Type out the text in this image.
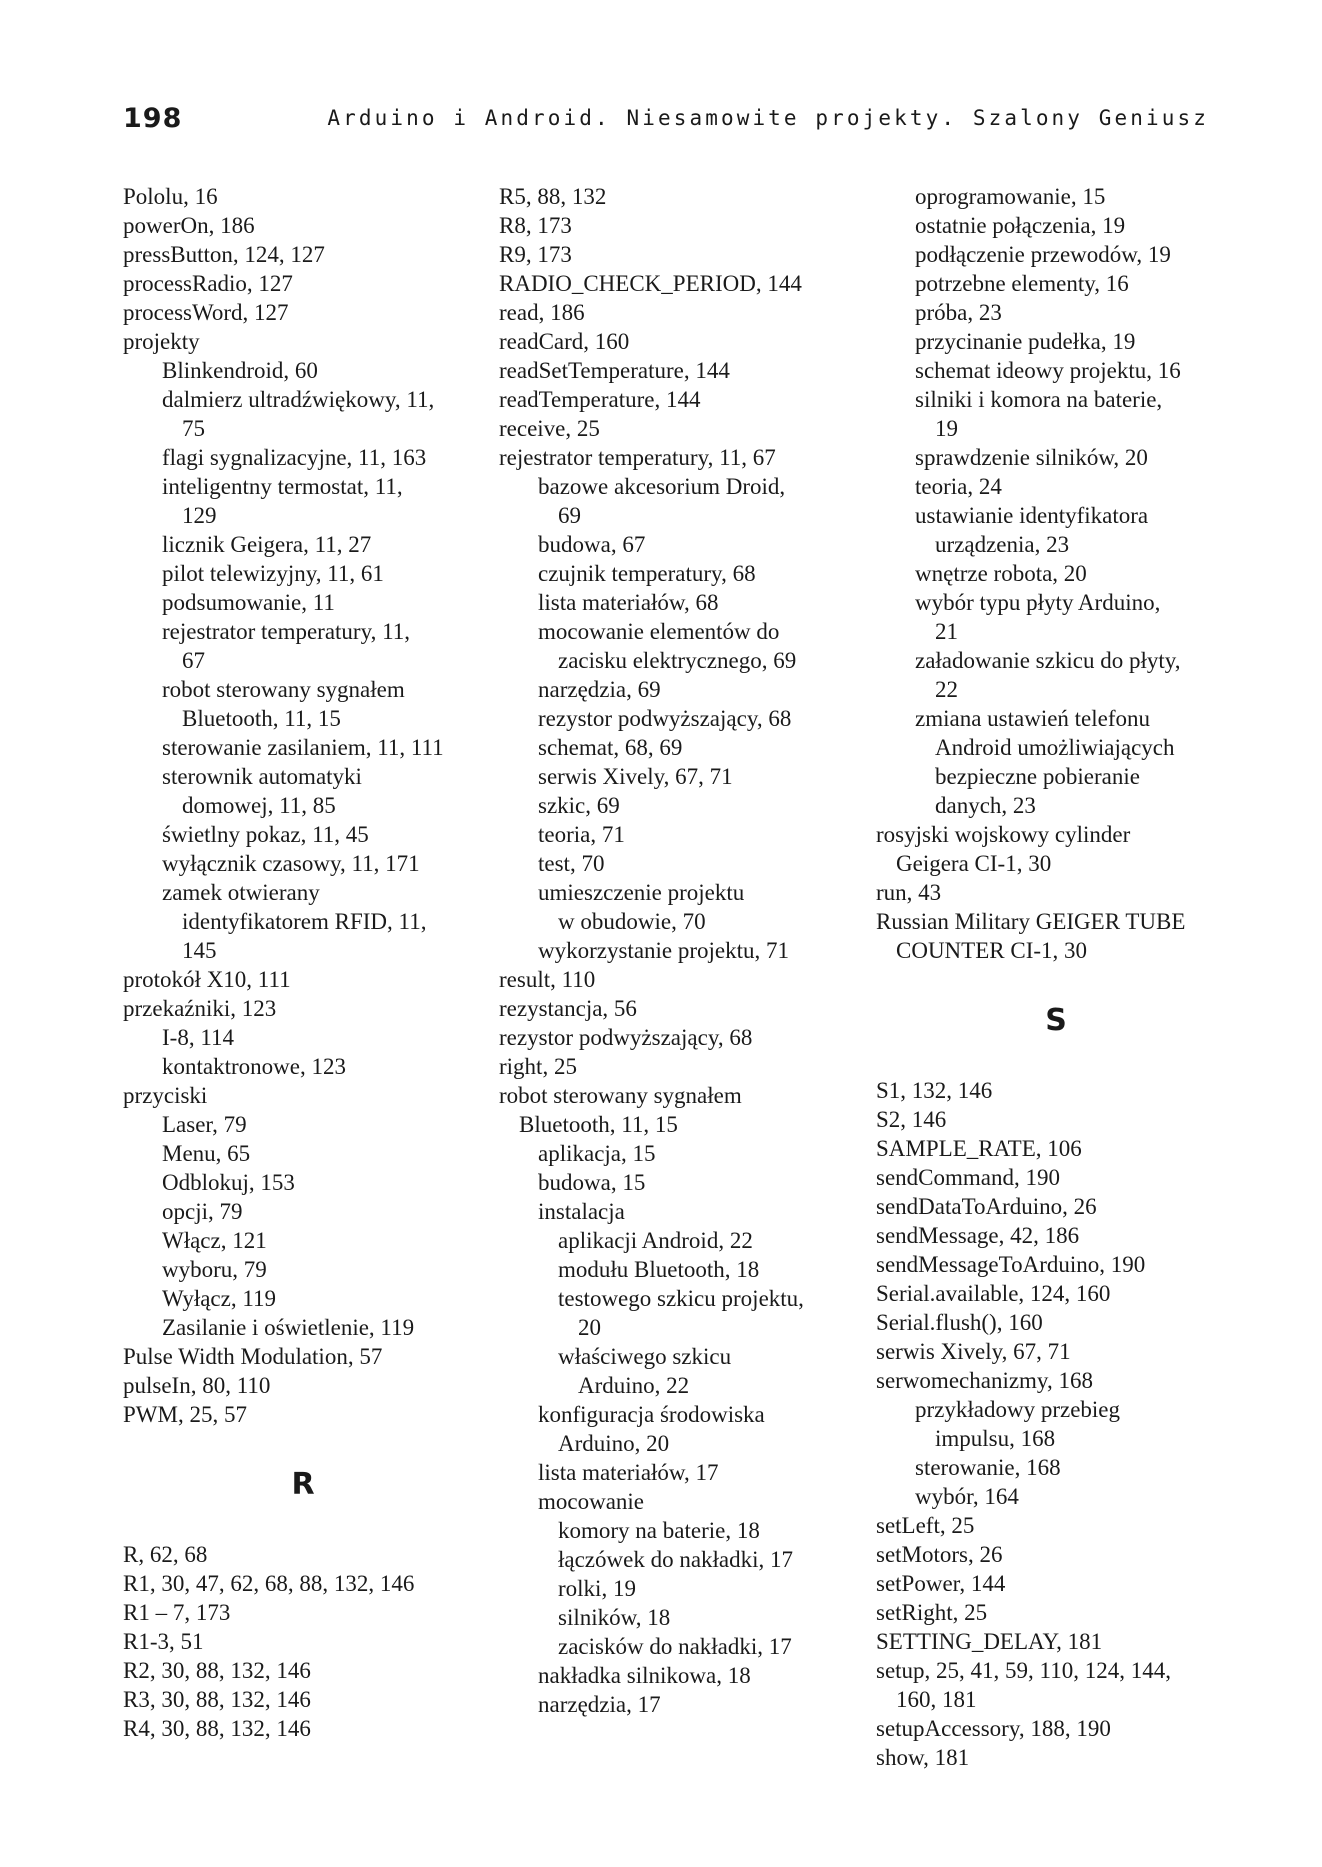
198	Arduino i Android. Niesamowite projekty. Szalony Geniusz
Pololu, 16
powerOn, 186
pressButton, 124, 127
processRadio, 127
processWord, 127
projekty
Blinkendroid, 60
dalmierz ultradźwiękowy, 11,
75
flagi sygnalizacyjne, 11, 163
inteligentny termostat, 11,
129
licznik Geigera, 11, 27
pilot telewizyjny, 11, 61
podsumowanie, 11
rejestrator temperatury, 11,
67
robot sterowany sygnałem
Bluetooth, 11, 15
sterowanie zasilaniem, 11, 111
sterownik automatyki
domowej, 11, 85
świetlny pokaz, 11, 45
wyłącznik czasowy, 11, 171
zamek otwierany
identyfikatorem RFID, 11,
145
protokół X10, 111
przekaźniki, 123
I-8, 114
kontaktronowe, 123
przyciski
Laser, 79
Menu, 65
Odblokuj, 153
opcji, 79
Włącz, 121
wyboru, 79
Wyłącz, 119
Zasilanie i oświetlenie, 119
Pulse Width Modulation, 57
pulseIn, 80, 110
PWM, 25, 57
R
R, 62, 68
R1, 30, 47, 62, 68, 88, 132, 146
R1 – 7, 173
R1-3, 51
R2, 30, 88, 132, 146
R3, 30, 88, 132, 146
R4, 30, 88, 132, 146
R5, 88, 132
R8, 173
R9, 173
RADIO_CHECK_PERIOD, 144
read, 186
readCard, 160
readSetTemperature, 144
readTemperature, 144
receive, 25
rejestrator temperatury, 11, 67
bazowe akcesorium Droid,
69
budowa, 67
czujnik temperatury, 68
lista materiałów, 68
mocowanie elementów do
zacisku elektrycznego, 69
narzędzia, 69
rezystor podwyższający, 68
schemat, 68, 69
serwis Xively, 67, 71
szkic, 69
teoria, 71
test, 70
umieszczenie projektu
w obudowie, 70
wykorzystanie projektu, 71
result, 110
rezystancja, 56
rezystor podwyższający, 68
right, 25
robot sterowany sygnałem
Bluetooth, 11, 15
aplikacja, 15
budowa, 15
instalacja
aplikacji Android, 22
modułu Bluetooth, 18
testowego szkicu projektu,
20
właściwego szkicu
Arduino, 22
konfiguracja środowiska
Arduino, 20
lista materiałów, 17
mocowanie
komory na baterie, 18
łączówek do nakładki, 17
rolki, 19
silników, 18
zacisków do nakładki, 17
nakładka silnikowa, 18
narzędzia, 17
oprogramowanie, 15
ostatnie połączenia, 19
podłączenie przewodów, 19
potrzebne elementy, 16
próba, 23
przycinanie pudełka, 19
schemat ideowy projektu, 16
silniki i komora na baterie,
19
sprawdzenie silników, 20
teoria, 24
ustawianie identyfikatora
urządzenia, 23
wnętrze robota, 20
wybór typu płyty Arduino,
21
załadowanie szkicu do płyty,
22
zmiana ustawień telefonu
Android umożliwiających
bezpieczne pobieranie
danych, 23
rosyjski wojskowy cylinder
Geigera CI-1, 30
run, 43
Russian Military GEIGER TUBE
COUNTER CI-1, 30
S
S1, 132, 146
S2, 146
SAMPLE_RATE, 106
sendCommand, 190
sendDataToArduino, 26
sendMessage, 42, 186
sendMessageToArduino, 190
Serial.available, 124, 160
Serial.flush(), 160
serwis Xively, 67, 71
serwomechanizmy, 168
przykładowy przebieg
impulsu, 168
sterowanie, 168
wybór, 164
setLeft, 25
setMotors, 26
setPower, 144
setRight, 25
SETTING_DELAY, 181
setup, 25, 41, 59, 110, 124, 144,
160, 181
setupAccessory, 188, 190
show, 181
